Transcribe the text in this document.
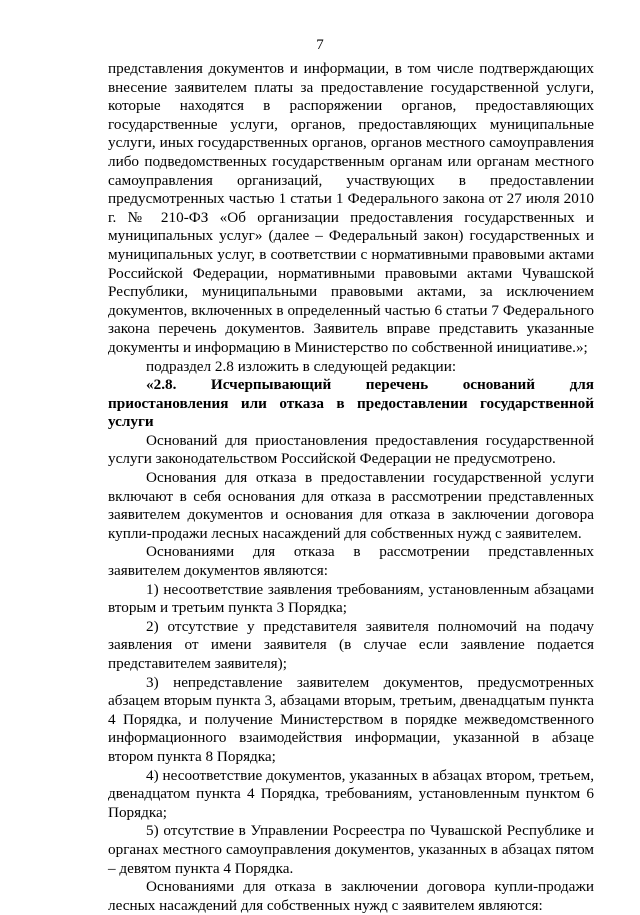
7

представления документов и информации, в том числе подтверждающих внесение заявителем платы за предоставление государственной услуги, которые находятся в распоряжении органов, предоставляющих государственные услуги, органов, предоставляющих муниципальные услуги, иных государственных органов, органов местного самоуправления либо подведомственных государственным органам или органам местного самоуправления организаций, участвующих в предоставлении предусмотренных частью 1 статьи 1 Федерального закона от 27 июля 2010 г. № 210-ФЗ «Об организации предоставления государственных и муниципальных услуг» (далее – Федеральный закон) государственных и муниципальных услуг, в соответствии с нормативными правовыми актами Российской Федерации, нормативными правовыми актами Чувашской Республики, муниципальными правовыми актами, за исключением документов, включенных в определенный частью 6 статьи 7 Федерального закона перечень документов. Заявитель вправе представить указанные документы и информацию в Министерство по собственной инициативе.»;

подраздел 2.8 изложить в следующей редакции:

«2.8. Исчерпывающий перечень оснований для приостановления или отказа в предоставлении государственной услуги

Оснований для приостановления предоставления государственной услуги законодательством Российской Федерации не предусмотрено.

Основания для отказа в предоставлении государственной услуги включают в себя основания для отказа в рассмотрении представленных заявителем документов и основания для отказа в заключении договора купли-продажи лесных насаждений для собственных нужд с заявителем.

Основаниями для отказа в рассмотрении представленных заявителем документов являются:

1) несоответствие заявления требованиям, установленным абзацами вторым и третьим пункта 3 Порядка;

2) отсутствие у представителя заявителя полномочий на подачу заявления от имени заявителя (в случае если заявление подается представителем заявителя);

3) непредставление заявителем документов, предусмотренных абзацем вторым пункта 3, абзацами вторым, третьим, двенадцатым пункта 4 Порядка, и получение Министерством в порядке межведомственного информационного взаимодействия информации, указанной в абзаце втором пункта 8 Порядка;

4) несоответствие документов, указанных в абзацах втором, третьем, двенадцатом пункта 4 Порядка, требованиям, установленным пунктом 6 Порядка;

5) отсутствие в Управлении Росреестра по Чувашской Республике и органах местного самоуправления документов, указанных в абзацах пятом – девятом пункта 4 Порядка.

Основаниями для отказа в заключении договора купли-продажи лесных насаждений для собственных нужд с заявителем являются:
